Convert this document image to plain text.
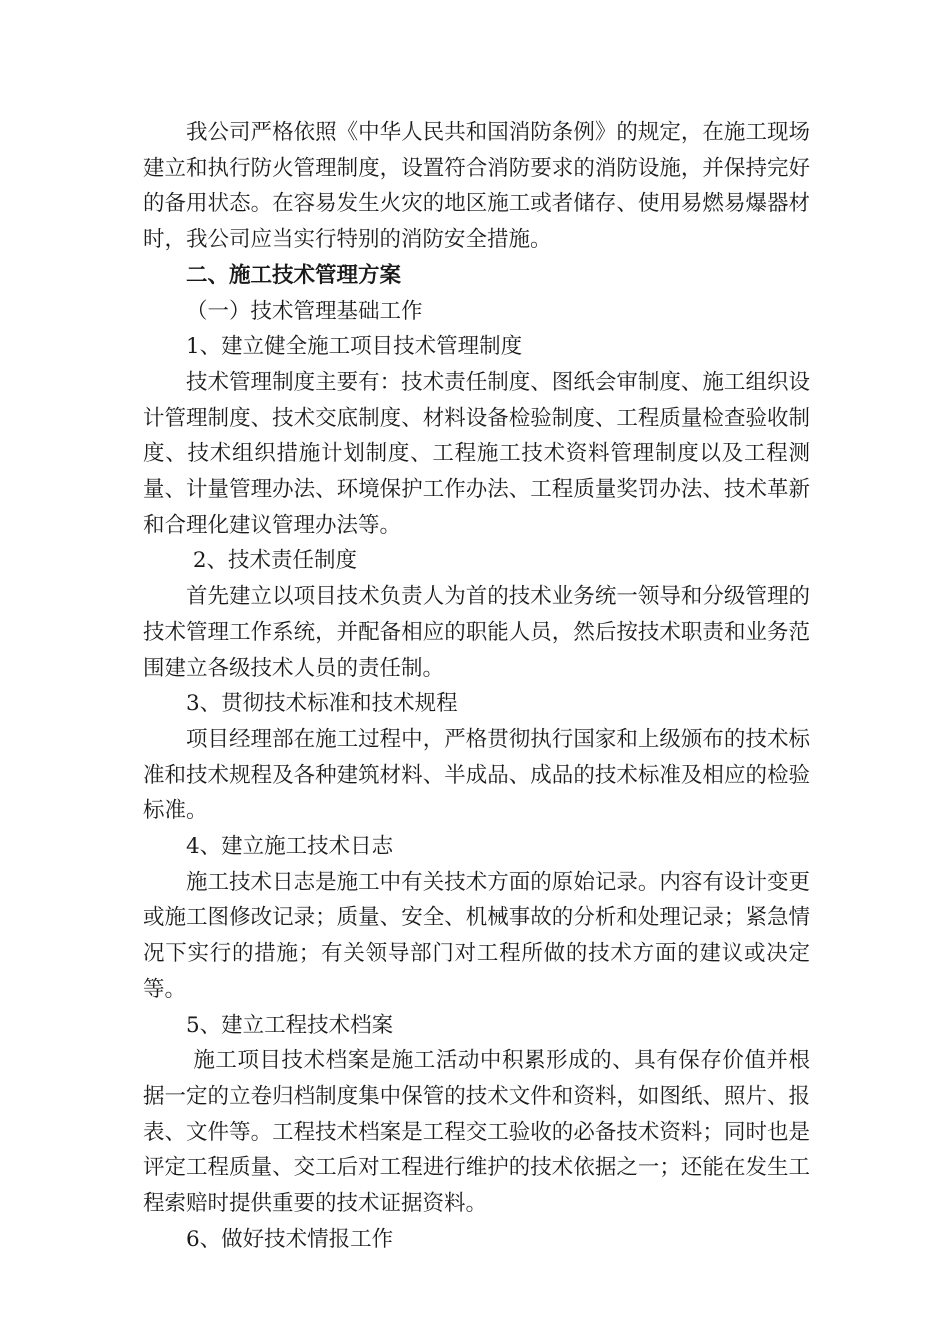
我公司严格依照《中华人民共和国消防条例》的规定，在施工现场建立和执行防火管理制度，设置符合消防要求的消防设施，并保持完好的备用状态。在容易发生火灾的地区施工或者储存、使用易燃易爆器材时，我公司应当实行特别的消防安全措施。

二、施工技术管理方案

（一）技术管理基础工作

1、建立健全施工项目技术管理制度

技术管理制度主要有：技术责任制度、图纸会审制度、施工组织设计管理制度、技术交底制度、材料设备检验制度、工程质量检查验收制度、技术组织措施计划制度、工程施工技术资料管理制度以及工程测量、计量管理办法、环境保护工作办法、工程质量奖罚办法、技术革新和合理化建议管理办法等。

2、技术责任制度

首先建立以项目技术负责人为首的技术业务统一领导和分级管理的技术管理工作系统，并配备相应的职能人员，然后按技术职责和业务范围建立各级技术人员的责任制。

3、贯彻技术标准和技术规程

项目经理部在施工过程中，严格贯彻执行国家和上级颁布的技术标准和技术规程及各种建筑材料、半成品、成品的技术标准及相应的检验标准。

4、建立施工技术日志

施工技术日志是施工中有关技术方面的原始记录。内容有设计变更或施工图修改记录；质量、安全、机械事故的分析和处理记录；紧急情况下实行的措施；有关领导部门对工程所做的技术方面的建议或决定等。

5、建立工程技术档案

施工项目技术档案是施工活动中积累形成的、具有保存价值并根据一定的立卷归档制度集中保管的技术文件和资料，如图纸、照片、报表、文件等。工程技术档案是工程交工验收的必备技术资料；同时也是评定工程质量、交工后对工程进行维护的技术依据之一；还能在发生工程索赔时提供重要的技术证据资料。

6、做好技术情报工作
